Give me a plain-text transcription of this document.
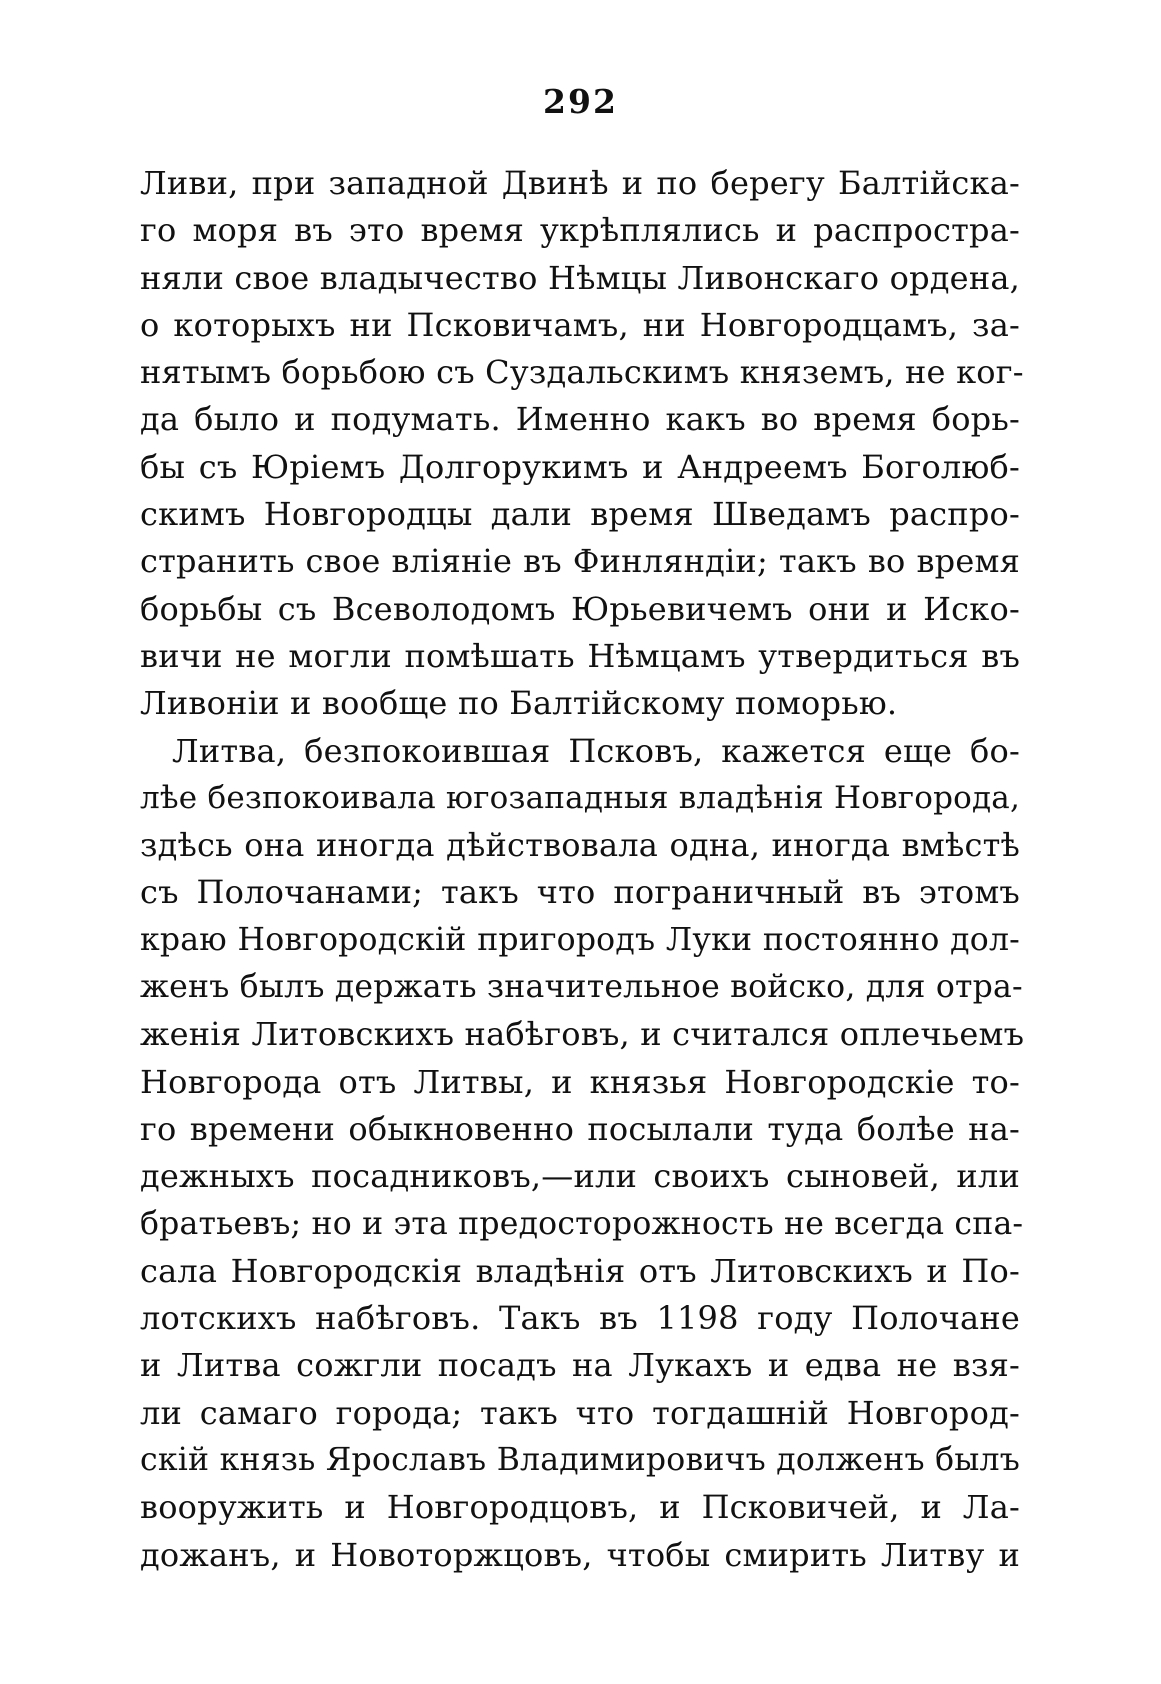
292
Ливи, при западной Двинѣ и по берегу Балтійска-
го моря въ это время укрѣплялись и распростра-
няли свое владычество Нѣмцы Ливонскаго ордена,
о которыхъ ни Псковичамъ, ни Новгородцамъ, за-
нятымъ борьбою съ Суздальскимъ княземъ, не ког-
да было и подумать. Именно какъ во время борь-
бы съ Юріемъ Долгорукимъ и Андреемъ Боголюб-
скимъ Новгородцы дали время Шведамъ распро-
странить свое вліяніе въ Финляндіи; такъ во время
борьбы съ Всеволодомъ Юрьевичемъ они и Иско-
вичи не могли помѣшать Нѣмцамъ утвердиться въ
Ливоніи и вообще по Балтійскому поморью.
Литва, безпокоившая Псковъ, кажется еще бо-
лѣе безпокоивала югозападныя владѣнія Новгорода,
здѣсь она иногда дѣйствовала одна, иногда вмѣстѣ
съ Полочанами; такъ что пограничный въ этомъ
краю Новгородскій пригородъ Луки постоянно дол-
женъ былъ держать значительное войско, для отра-
женія Литовскихъ набѣговъ, и считался оплечьемъ
Новгорода отъ Литвы, и князья Новгородскіе то-
го времени обыкновенно посылали туда болѣе на-
дежныхъ посадниковъ,—или своихъ сыновей, или
братьевъ; но и эта предосторожность не всегда спа-
сала Новгородскія владѣнія отъ Литовскихъ и По-
лотскихъ набѣговъ. Такъ въ 1198 году Полочане
и Литва сожгли посадъ на Лукахъ и едва не взя-
ли самаго города; такъ что тогдашній Новгород-
скій князь Ярославъ Владимировичъ долженъ былъ
вооружить и Новгородцовъ, и Псковичей, и Ла-
дожанъ, и Новоторжцовъ, чтобы смирить Литву и
